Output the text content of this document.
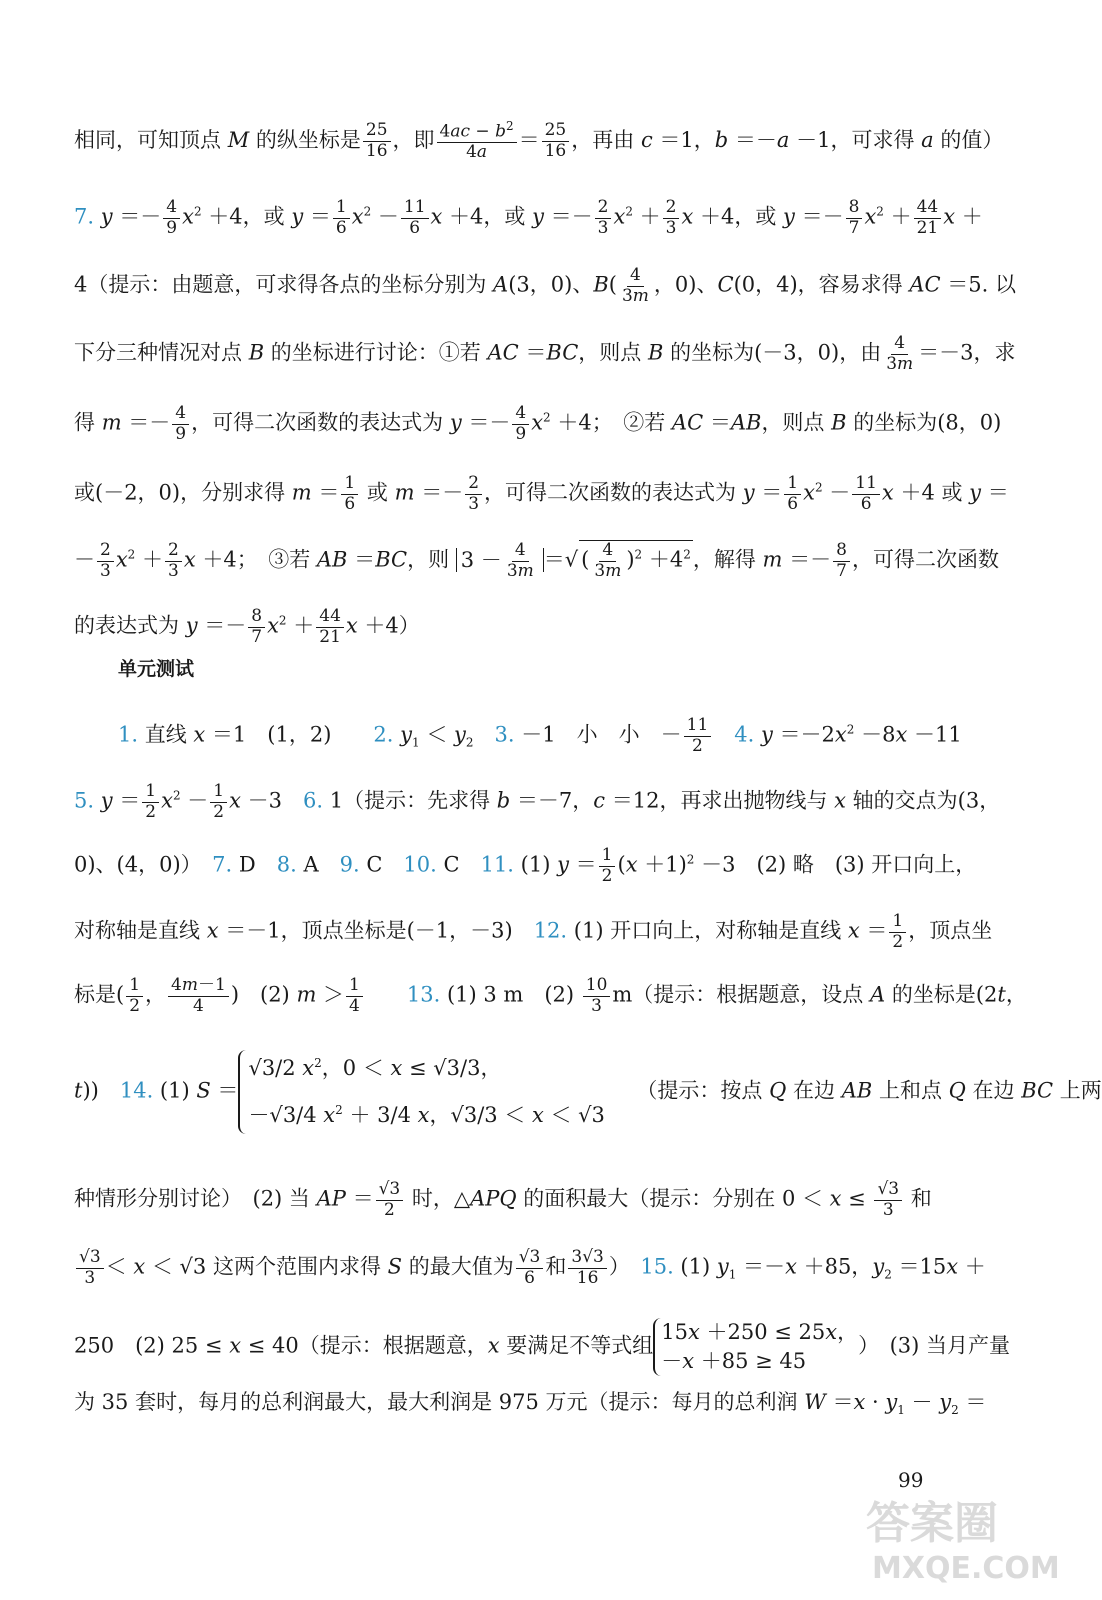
相同，可知顶点 M 的纵坐标是 $\frac{25}{16}$ ，即 $\frac{4ac - b^2}{4a} = \frac{25}{16}$ ，再由 c ＝1，b ＝－a －1，可求得 a 的值）
7. $y =- \frac{4}{9} x^2 +4$，或 $y = \frac{1}{6} x^2 - \frac{11}{6}$ x ＋4，或 $y =- \frac{2}{3} x^2 + \frac{2}{3}$ x ＋4，或 $y =- \frac{8}{7} x^2 + \frac{44}{21}$ x ＋
4（提示：由题意，可求得各点的坐标分别为 A(3，0)、$B( \frac{4}{3m}$ ，0)、C(0，4)，容易求得 AC ＝5. 以
下分三种情况对点 B 的坐标进行讨论：①若 AC ＝BC，则点 B 的坐标为(－3，0)，由 $\frac{4}{3m} =-3$，求
得 $m =- \frac{4}{9}$ ，可得二次函数的表达式为 $y =- \frac{4}{9} x^2 +4$；　②若 AC ＝AB，则点 B 的坐标为(8，0)
或(－2，0)，分别求得 $m = \frac{1}{6}$ 或 $m =- \frac{2}{3}$ ，可得二次函数的表达式为 $y = \frac{1}{6} x^2 - \frac{11}{6}$ x ＋4 或 y ＝
－ $\frac{2}{3} x^2 + \frac{2}{3}$ x ＋4；　③若 AB ＝BC，则 $3 - \frac{4}{3m}$ ＝√ ( $\frac{4}{3m} )^2 +4^2$，解得 $m =- \frac{8}{7}$ ，可得二次函数
的表达式为 $y =- \frac{8}{7} x^2 + \frac{44}{21}$ x ＋4）
单元测试
1. 直线 x ＝1　(1，2)　　2. $y_1 < y_2$　 3. －1　小　小　－ $\frac{11}{2}$
　 4. $y =-2x^2 -8x -11$
5. $y = \frac{1}{2} x^2 - \frac{1}{2}$ x －3　6. 1（提示：先求得 b ＝－7，c ＝12，再求出抛物线与 x 轴的交点为(3，
0)、(4，0)）　7. D　8. A　9. C　10. C　11. (1) $y = \frac{1}{2} (x +1)^2 -3$　(2) 略　(3) 开口向上，
对称轴是直线 x ＝－1，顶点坐标是(－1，－3)　12. (1) 开口向上，对称轴是直线 $x = \frac{1}{2}$ ，顶点坐
标是( $\frac{1}{2}$ ， $\frac{4m-1}{4}$ )　(2) $m > \frac{1}{4}$
　　 13. (1) 3 m　$(2) \frac{10}{3} m$（提示：根据题意，设点 A 的坐标是(2t，
t))　14. (1) S ＝
√3/2 $x^2$，0 ＜ x ≤ √3/3，
－√3/4 $x^2 + 3/4$ x，√3/3 ＜ x ＜ √3
　　（提示：按点 Q 在边 AB 上和点 Q 在边 BC 上两
种情形分别讨论）　(2) 当 AP ＝ $\frac{√3}{2}$ 时，△APQ 的面积最大（提示：分别在 $0 < x \le \frac{√3}{3}$ 和
$\frac{√3}{3} < x < √3$ 这两个范围内求得 S 的最大值为 $\frac{√3}{6}$ 和 $\frac{3√3}{16}$ ）　15. (1) $y_1 =-x +85$，$y_2 =15x$ ＋
250　(2) 25 ≤ x ≤ 40（提示：根据题意，x 要满足不等式组
15x ＋250 ≤ 25x，
－x ＋85 ≥ 45
）　(3) 当月产量
为 35 套时，每月的总利润最大，最大利润是 975 万元（提示：每月的总利润 $W =x \cdot y_1 - y_2$ ＝
99
答案圈
MXQE.COM
